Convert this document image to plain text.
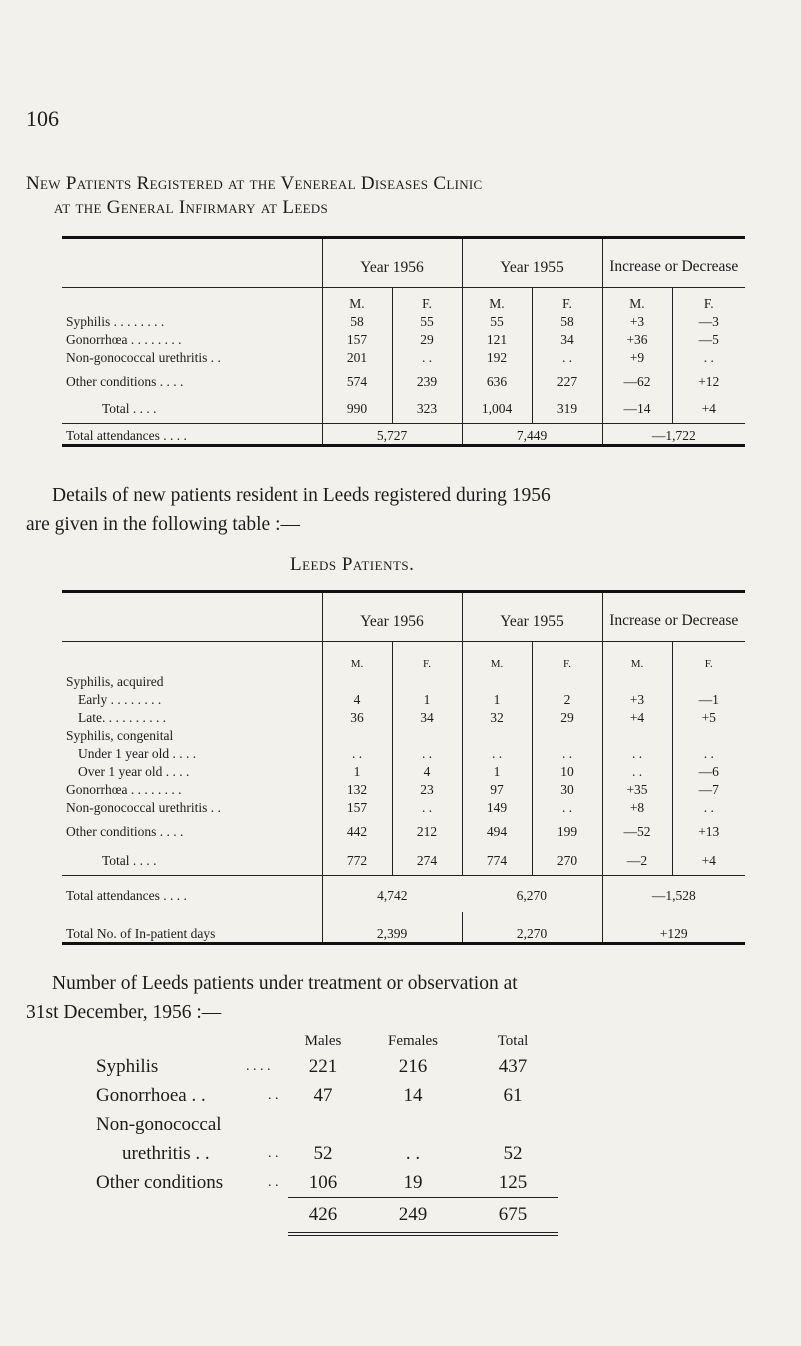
106
New Patients Registered at the Venereal Diseases Clinic
at the General Infirmary at Leeds
	Year 1956		Year 1955		Increase or Decrease	
	M.	F.	M.	F.	M.	F.
Syphilis . . . . . . . .	58	55	55	58	+3	—3
Gonorrhœa . . . . . . . .	157	29	121	34	+36	—5
Non-gonococcal urethritis . .	201	. .	192	. .	+9	. .
Other conditions . . . .	574	239	636	227	—62	+12
Total . . . .	990	323	1,004	319	—14	+4
Total attendances . . . .	5,727		7,449		—1,722	
Details of new patients resident in Leeds registered during 1956
are given in the following table :—
Leeds Patients.
	Year 1956		Year 1955		Increase or Decrease	
	M.	F.	M.	F.	M.	F.
Syphilis, acquired						
Early . . . . . . . .	4	1	1	2	+3	—1
Late. . . . . . . . . .	36	34	32	29	+4	+5
Syphilis, congenital						
Under 1 year old . . . .	. .	. .	. .	. .	. .	. .
Over 1 year old . . . .	1	4	1	10	. .	—6
Gonorrhœa . . . . . . . .	132	23	97	30	+35	—7
Non-gonococcal urethritis . .	157	. .	149	. .	+8	. .
Other conditions . . . .	442	212	494	199	—52	+13
Total . . . .	772	274	774	270	—2	+4
Total attendances . . . .	4,742		6,270		—1,528	
Total No. of In-patient days	2,399		2,270		+129	
Number of Leeds patients under treatment or observation at
31st December, 1956 :—
		Males	Females	Total
Syphilis	. . . .	221	216	437
Gonorrhoea . .	. .	47	14	61
Non-gonococcal				
urethritis . .	. .	52	. .	52
Other conditions	. .	106	19	125
		426	249	675
